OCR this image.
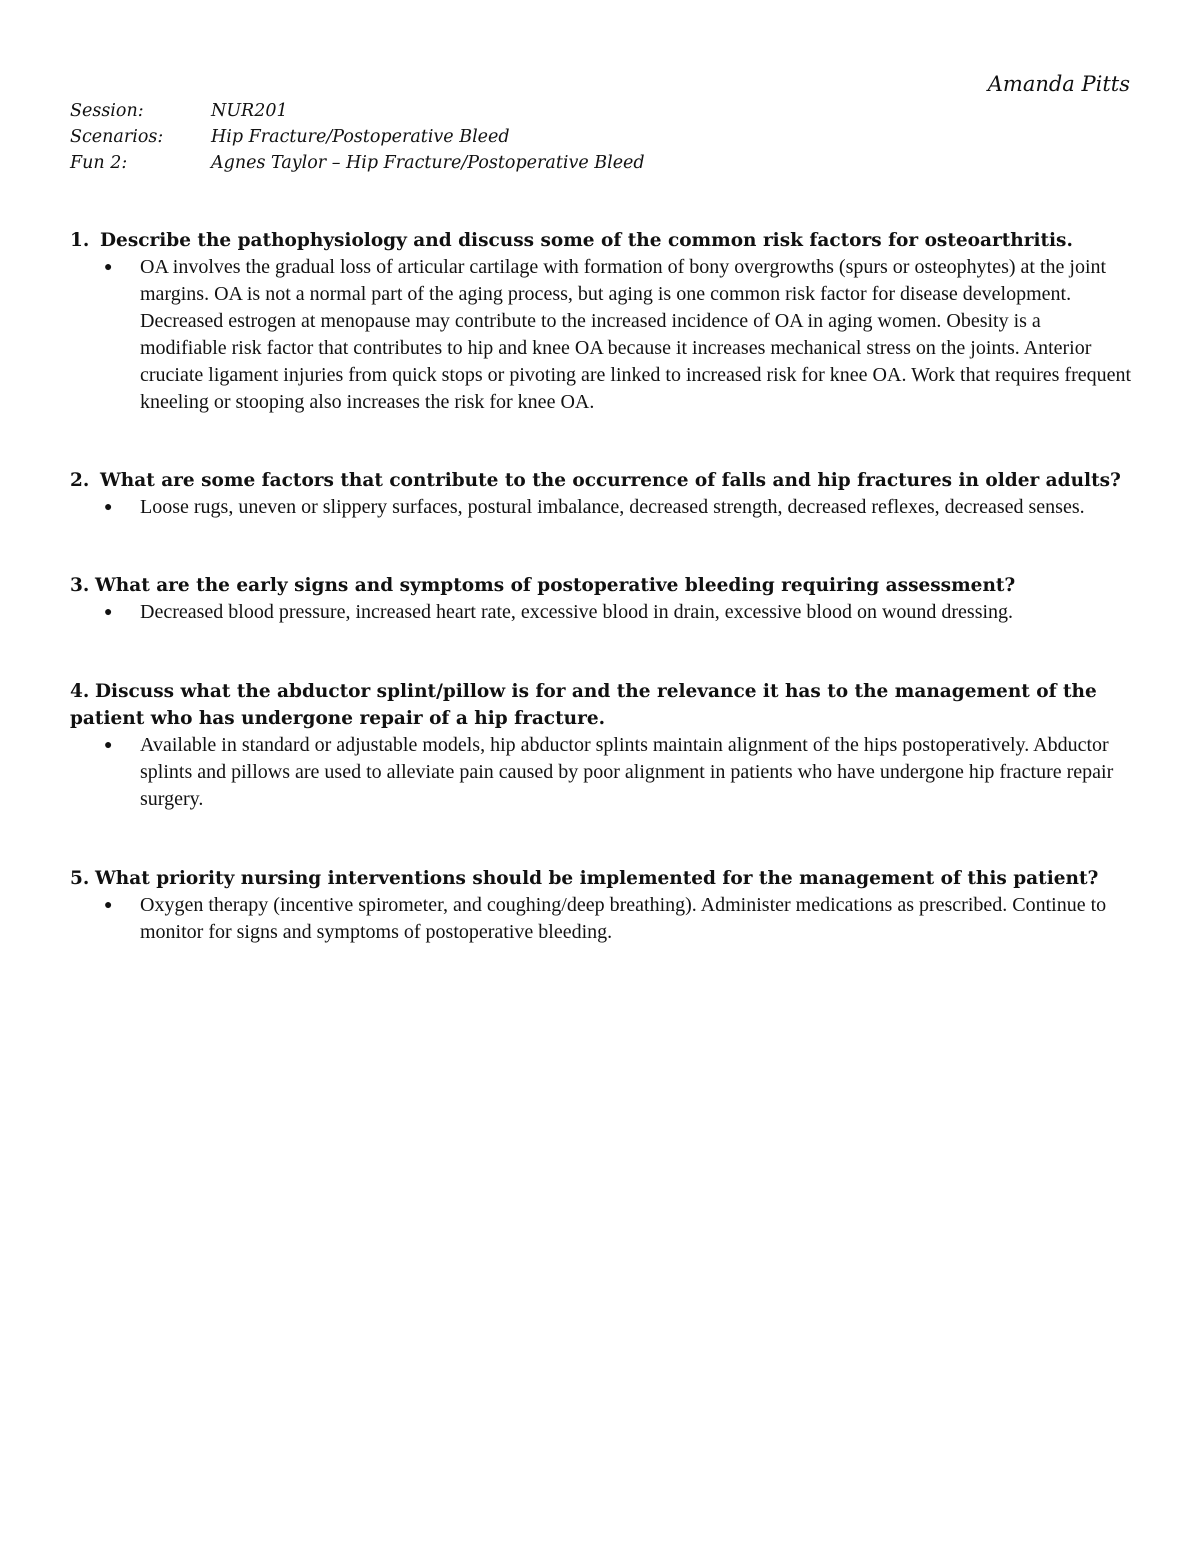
Amanda Pitts
Session:	NUR201
Scenarios:	Hip Fracture/Postoperative Bleed
Fun 2:	Agnes Taylor – Hip Fracture/Postoperative Bleed
1. Describe the pathophysiology and discuss some of the common risk factors for osteoarthritis.
● OA involves the gradual loss of articular cartilage with formation of bony overgrowths (spurs or osteophytes) at the joint margins. OA is not a normal part of the aging process, but aging is one common risk factor for disease development. Decreased estrogen at menopause may contribute to the increased incidence of OA in aging women. Obesity is a modifiable risk factor that contributes to hip and knee OA because it increases mechanical stress on the joints. Anterior cruciate ligament injuries from quick stops or pivoting are linked to increased risk for knee OA. Work that requires frequent kneeling or stooping also increases the risk for knee OA.
2. What are some factors that contribute to the occurrence of falls and hip fractures in older adults?
● Loose rugs, uneven or slippery surfaces, postural imbalance, decreased strength, decreased reflexes, decreased senses.
3. What are the early signs and symptoms of postoperative bleeding requiring assessment?
● Decreased blood pressure, increased heart rate, excessive blood in drain, excessive blood on wound dressing.
4. Discuss what the abductor splint/pillow is for and the relevance it has to the management of the patient who has undergone repair of a hip fracture.
● Available in standard or adjustable models, hip abductor splints maintain alignment of the hips postoperatively. Abductor splints and pillows are used to alleviate pain caused by poor alignment in patients who have undergone hip fracture repair surgery.
5. What priority nursing interventions should be implemented for the management of this patient?
● Oxygen therapy (incentive spirometer, and coughing/deep breathing). Administer medications as prescribed. Continue to monitor for signs and symptoms of postoperative bleeding.
